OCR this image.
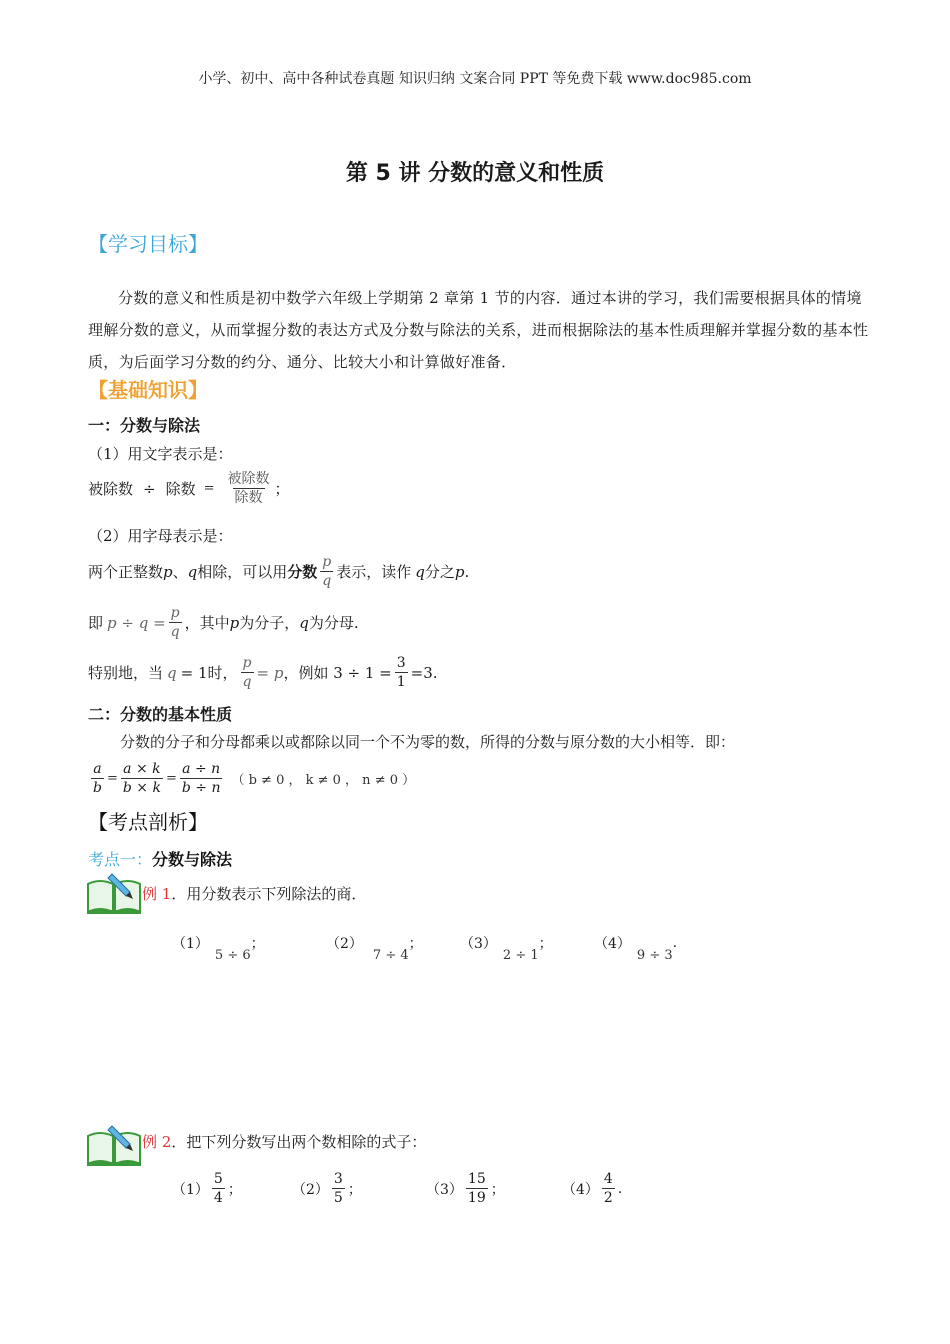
小学、初中、高中各种试卷真题 知识归纳 文案合同 PPT 等免费下载 www.doc985.com
第 5 讲 分数的意义和性质
【学习目标】
分数的意义和性质是初中数学六年级上学期第 2 章第 1 节的内容．通过本讲的学习，我们需要根据具体的情境理解分数的意义，从而掌握分数的表达方式及分数与除法的关系，进而根据除法的基本性质理解并掌握分数的基本性质，为后面学习分数的约分、通分、比较大小和计算做好准备．
【基础知识】
一：分数与除法
（1）用文字表示是：
被除数 ÷ 除数 = $\frac{\text{被除数}}{\text{除数}}$ ；
（2）用字母表示是：
两个正整数 p 、 q 相除，可以用 分数 $\frac{p}{q}$ 表示，读作 q 分之 p .
即 $p \div q = \frac{p}{q}$ ，其中 p 为分子， q 为分母.
特别地，当 q = 1 时， $\frac{p}{q} = p$ ，例如 $3 \div 1 = \frac{3}{1} =3$.
二：分数的基本性质
分数的分子和分母都乘以或都除以同一个不为零的数，所得的分数与原分数的大小相等．即：
$\frac{a}{b} = \frac{a \times k}{b \times k} = \frac{a \div n}{b \div n}$ （ b ≠ 0 ， k ≠ 0 ， n ≠ 0 ）
【考点剖析】
考点一：分数与除法
例 1 ．用分数表示下列除法的商．
（1）
5 ÷ 6
；	（2）
7 ÷ 4
；	（3）
2 ÷ 1
；	（4）
9 ÷ 3
.
例 2 ．把下列分数写出两个数相除的式子：
$(1) \frac{5}{4}$ ；	$(2) \frac{3}{5}$ ；	$(3) \frac{15}{19}$ ；	$(4) \frac{4}{2}$ .
